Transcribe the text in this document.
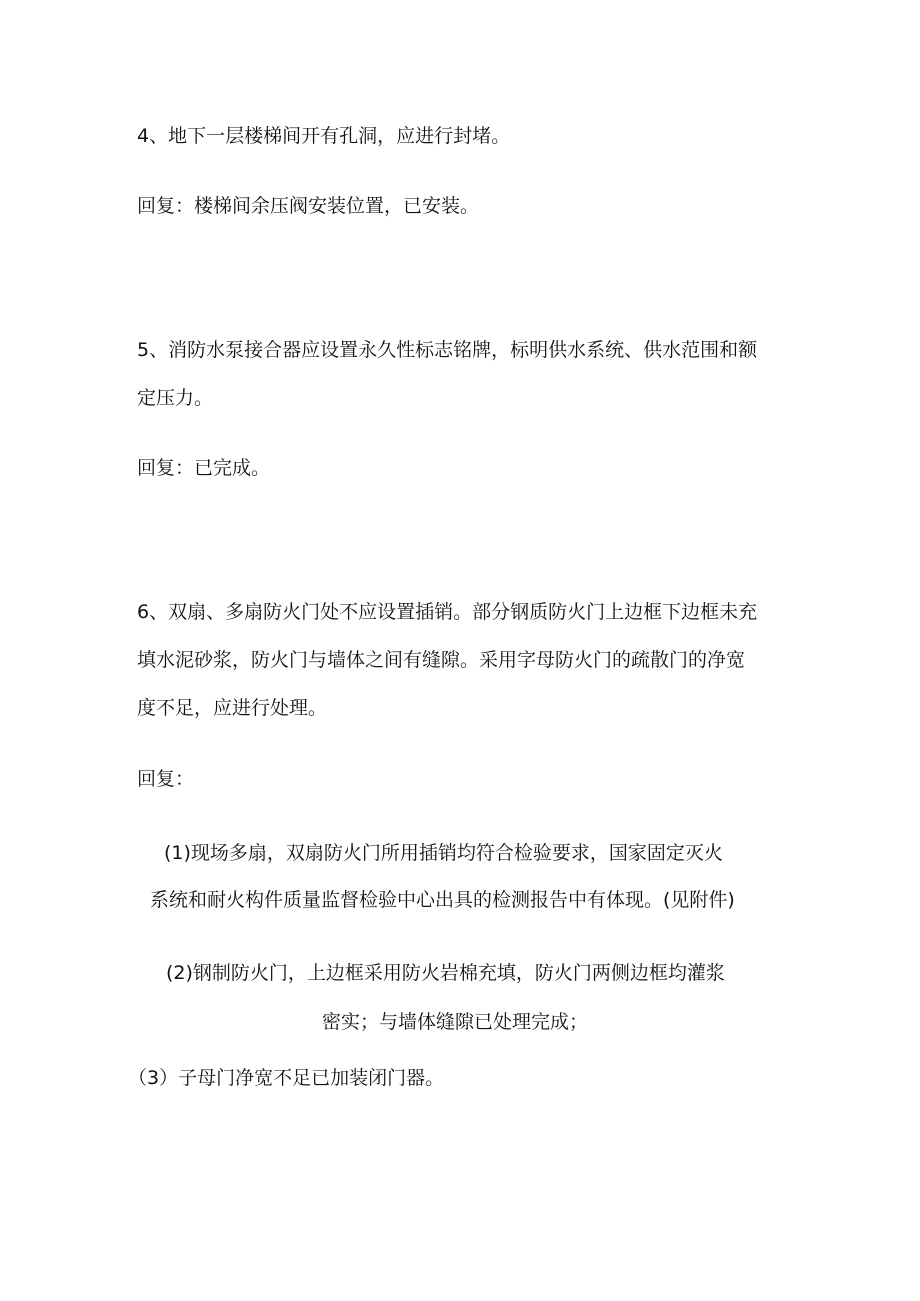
4、地下一层楼梯间开有孔洞，应进行封堵。
回复：楼梯间余压阀安装位置，已安装。
5、消防水泵接合器应设置永久性标志铭牌，标明供水系统、供水范围和额
定压力。
回复：已完成。
6、双扇、多扇防火门处不应设置插销。部分钢质防火门上边框下边框未充
填水泥砂浆，防火门与墙体之间有缝隙。采用字母防火门的疏散门的净宽
度不足，应进行处理。
回复：
(1)现场多扇，双扇防火门所用插销均符合检验要求，国家固定灭火
系统和耐火构件质量监督检验中心出具的检测报告中有体现。(见附件)
(2)钢制防火门，上边框采用防火岩棉充填，防火门两侧边框均灌浆
密实；与墙体缝隙已处理完成；
（3）子母门净宽不足已加装闭门器。
